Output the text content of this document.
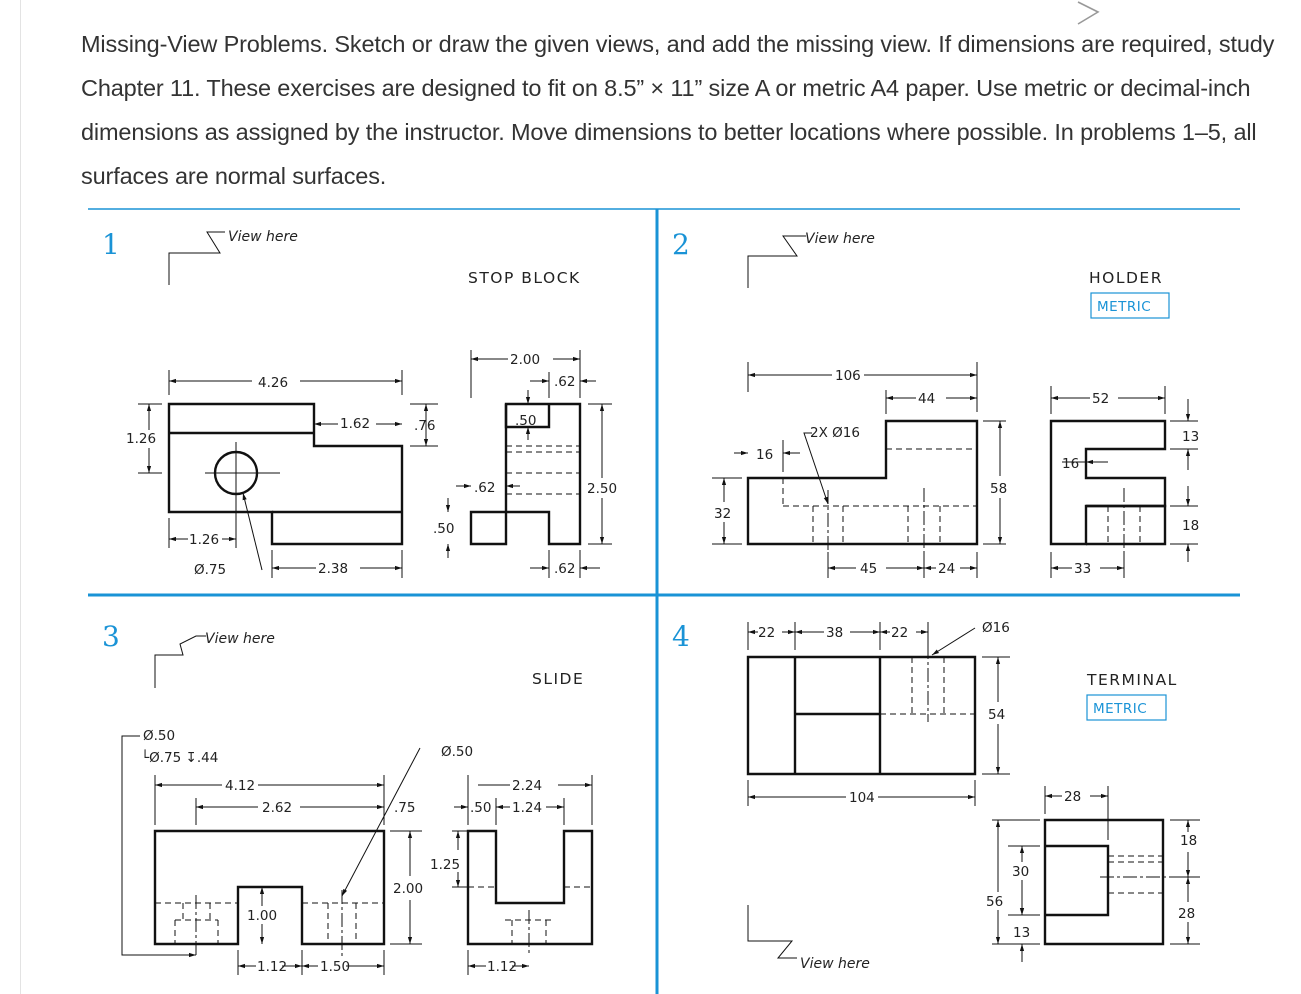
Missing-View Problems. Sketch or draw the given views, and add the missing view. If dimensions are required, study Chapter 11. These exercises are designed to fit on 8.5” × 11” size A or metric A4 paper. Use metric or decimal-inch dimensions as assigned by the instructor. Move dimensions to better locations where possible. In problems 1–5, all surfaces are normal surfaces.
1	View here
STOP BLOCK
4.26
1.62	.76
1.26
1.26
Ø.75	2.38
2.00
.62
.50
.62	2.50
.50
.62
2	View here
HOLDER
METRIC
106
44
2X Ø16
16
32
58
45	24
52
13
16
18
33
3	View here
SLIDE
Ø.50
└Ø.75 ↧.44
4.12
2.62	.75
Ø.50
2.00
1.00
1.12 1.50
2.24
.50 1.24
1.25
1.12
4
TERMINAL
METRIC
22	38	22	Ø16
54
104	28
30
56
13
18
28
View here
